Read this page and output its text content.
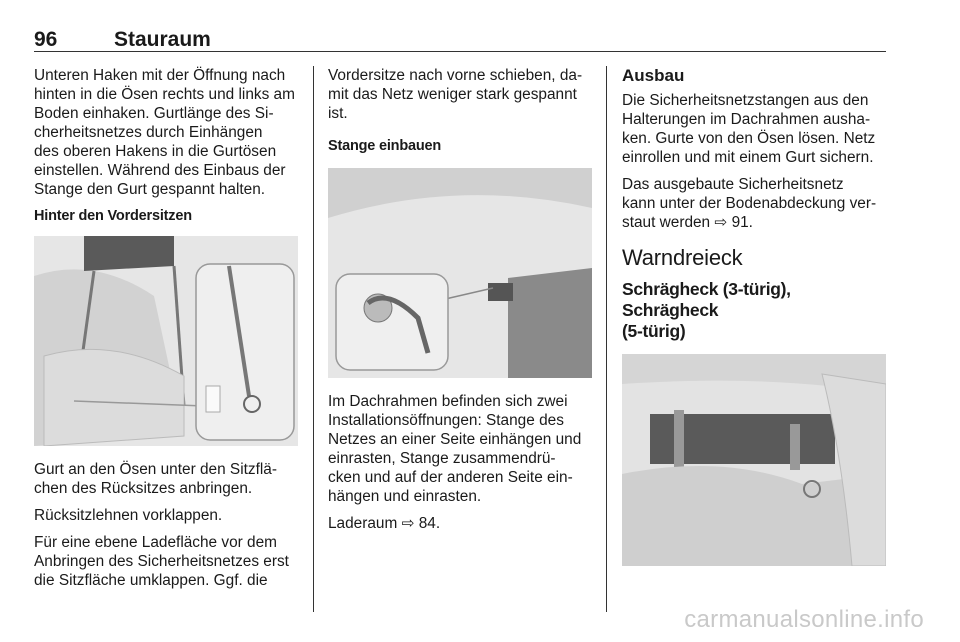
96	Stauraum

Unteren Haken mit der Öffnung nach
hinten in die Ösen rechts und links am
Boden einhaken. Gurtlänge des Si-
cherheitsnetzes durch Einhängen
des oberen Hakens in die Gurtösen
einstellen. Während des Einbaus der
Stange den Gurt gespannt halten.

Hinter den Vordersitzen

Gurt an den Ösen unter den Sitzflä-
chen des Rücksitzes anbringen.

Rücksitzlehnen vorklappen.

Für eine ebene Ladefläche vor dem
Anbringen des Sicherheitsnetzes erst
die Sitzfläche umklappen. Ggf. die

Vordersitze nach vorne schieben, da-
mit das Netz weniger stark gespannt
ist.

Stange einbauen

Im Dachrahmen befinden sich zwei
Installationsöffnungen: Stange des
Netzes an einer Seite einhängen und
einrasten, Stange zusammendrü-
cken und auf der anderen Seite ein-
hängen und einrasten.

Laderaum ⇨ 84.

Ausbau

Die Sicherheitsnetzstangen aus den
Halterungen im Dachrahmen ausha-
ken. Gurte von den Ösen lösen. Netz
einrollen und mit einem Gurt sichern.

Das ausgebaute Sicherheitsnetz
kann unter der Bodenabdeckung ver-
staut werden ⇨ 91.

Warndreieck
Schrägheck (3-türig), Schrägheck
(5-türig)
carmanualsonline.info
